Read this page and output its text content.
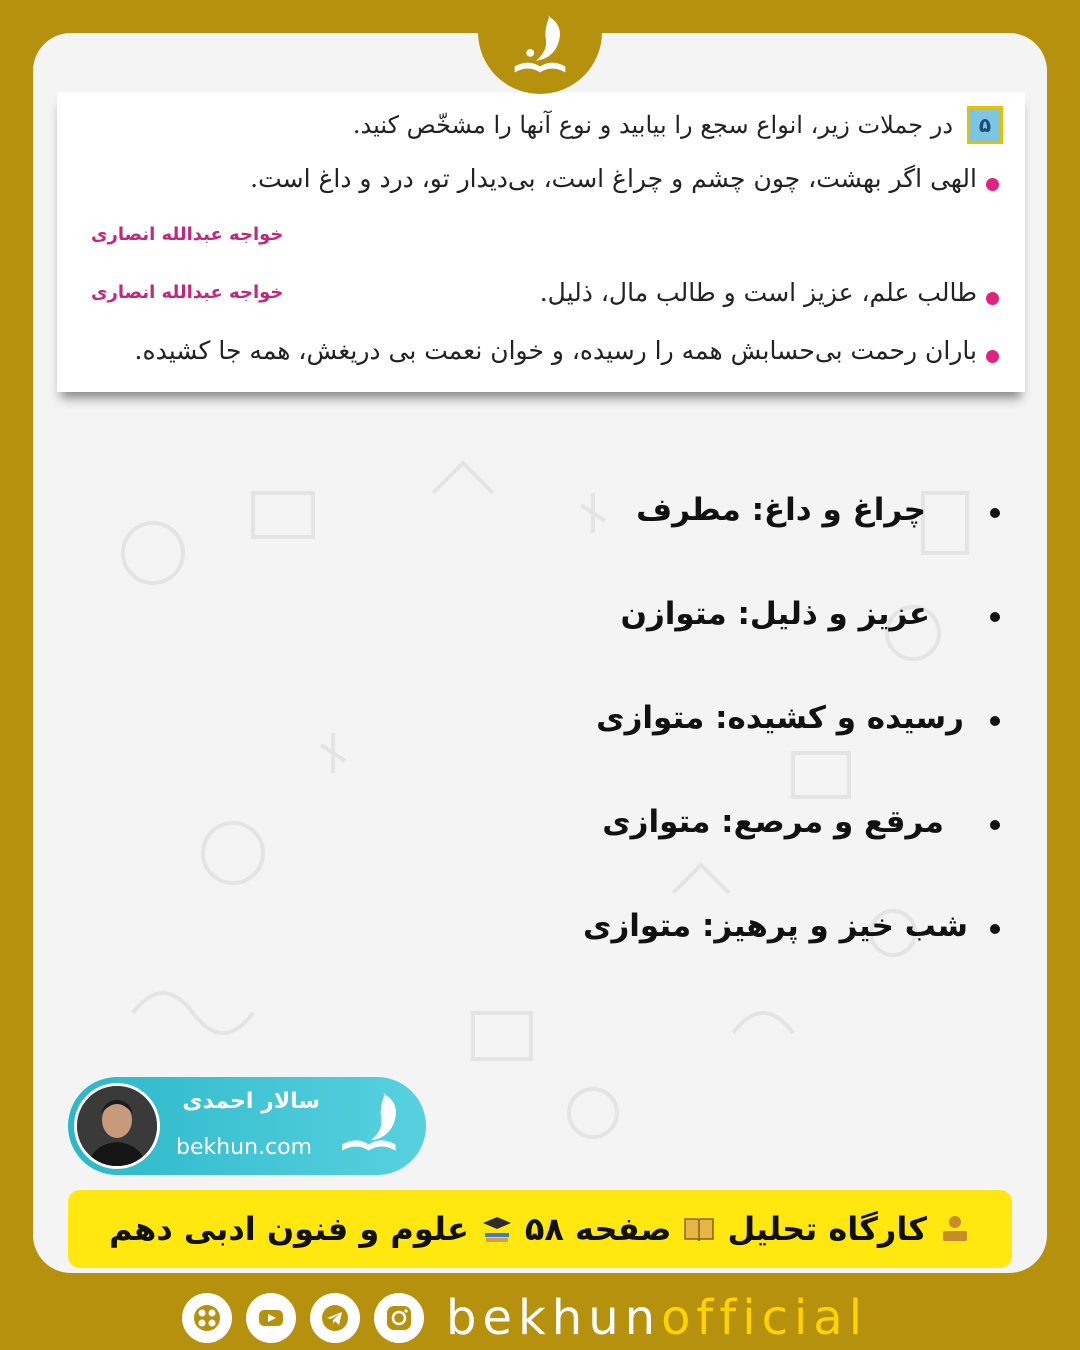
۵
در جملات زیر، انواع سجع را بیابید و نوع آنها را مشخّص کنید.
الهی اگر بهشت، چون چشم و چراغ است، بی‌دیدار تو، درد و داغ است.
خواجه عبدالله انصاری
طالب علم، عزیز است و طالب مال، ذلیل.
خواجه عبدالله انصاری
باران رحمت بی‌حسابش همه را رسیده، و خوان نعمت بی دریغش، همه جا کشیده.
چراغ و داغ: مطرف
عزیز و ذلیل: متوازن
رسیده و کشیده: متوازی
مرقع و مرصع: متوازی
شب خیز و پرهیز: متوازی
سالار احمدی
bekhun.com
کارگاه تحلیل
صفحه ۵۸
علوم و فنون ادبی دهم
bekhunofficial
